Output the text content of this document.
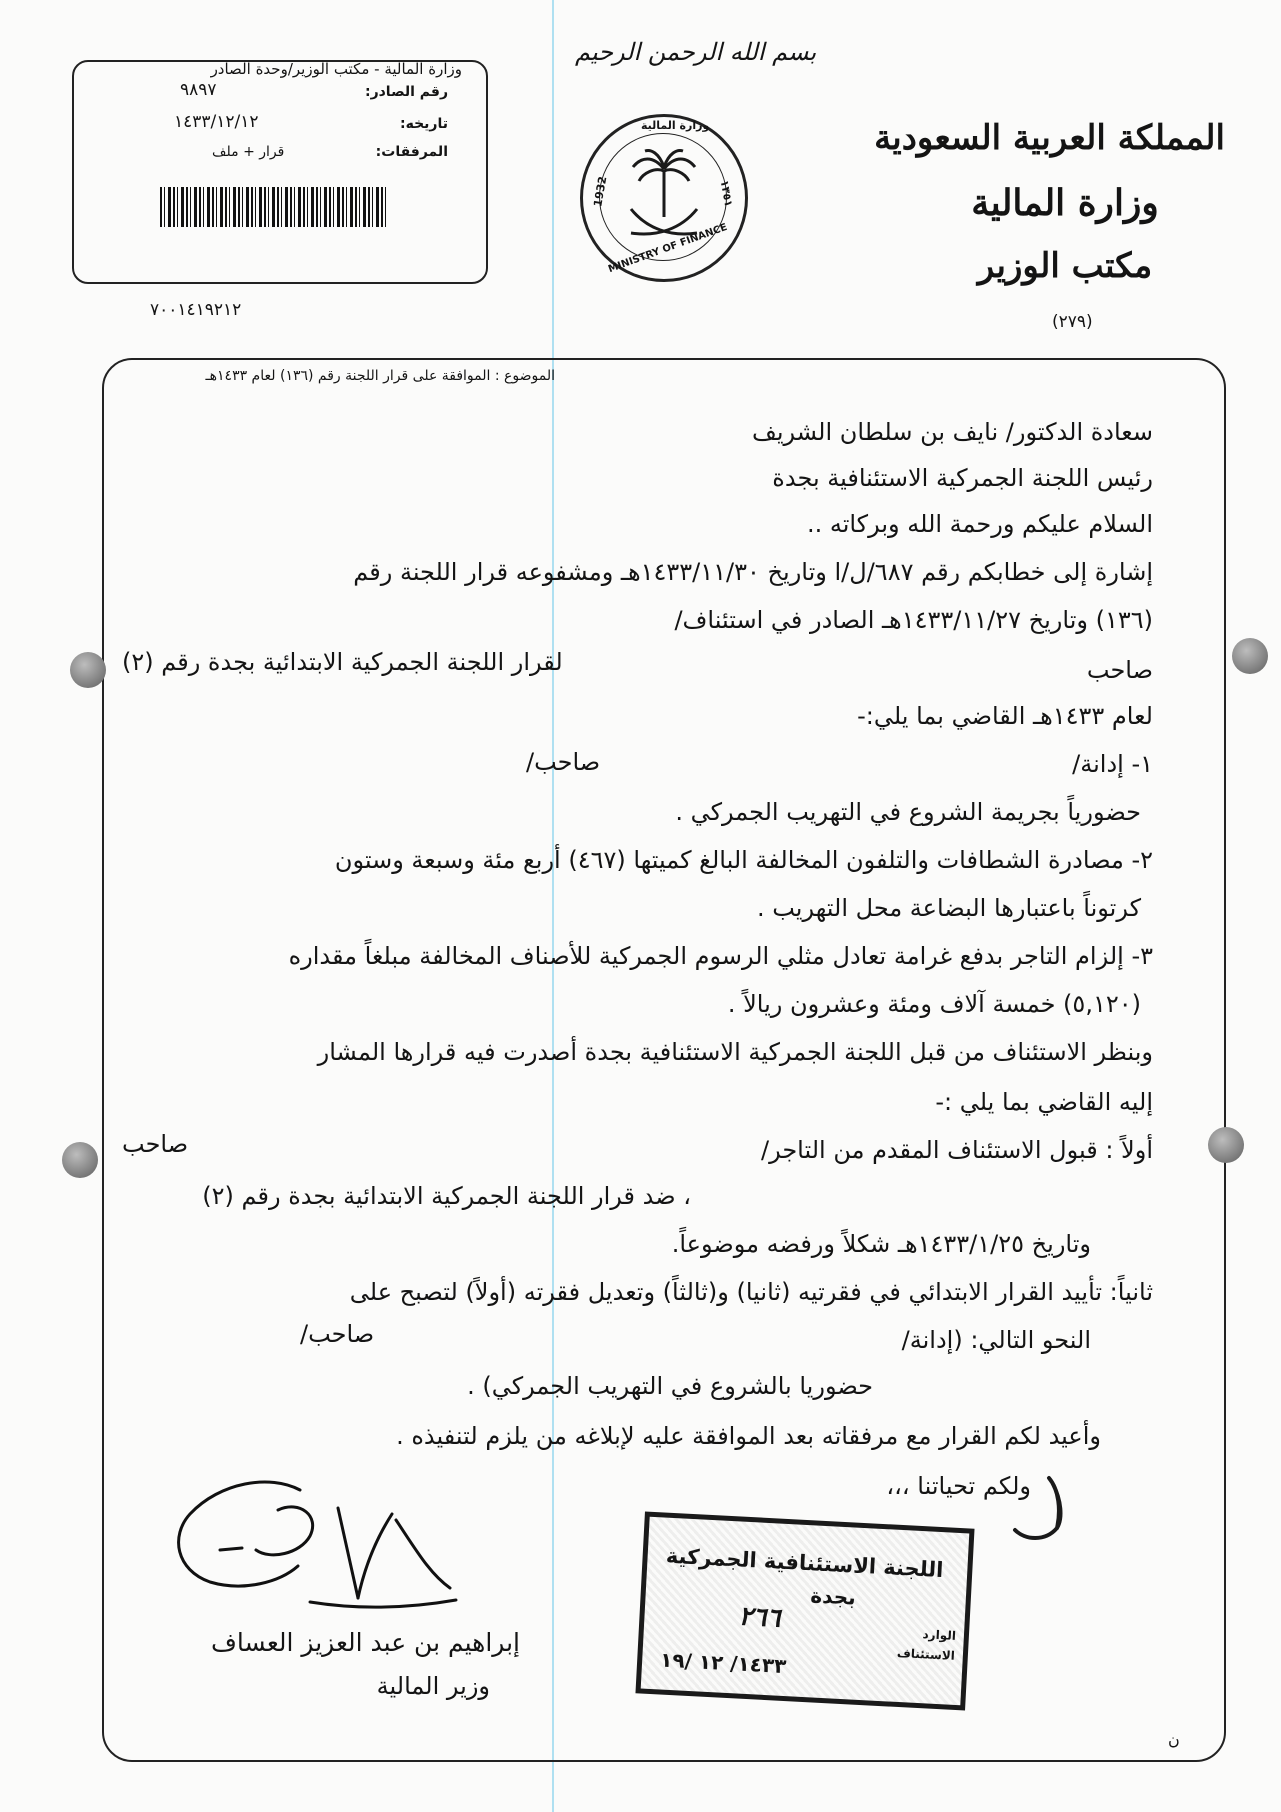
وزارة المالية - مكتب الوزير/وحدة الصادر
رقم الصادر:
٩٨٩٧
تاريخه:
١٤٣٣/١٢/١٢
المرفقات:
قرار + ملف
٧٠٠١٤١٩٢١٢
بسم الله الرحمن الرحيم
وزارة المالية
MINISTRY OF FINANCE
1932	١٣٥١
المملكة العربية السعودية
وزارة المالية
مكتب الوزير
(٢٧٩)
الموضوع : الموافقة على قرار اللجنة رقم (١٣٦) لعام ١٤٣٣هـ
سعادة الدكتور/ نايف بن سلطان الشريف
رئيس اللجنة الجمركية الاستئنافية بجدة
السلام عليكم ورحمة الله وبركاته ..
إشارة إلى خطابكم رقم ٦٨٧/ل/ا وتاريخ ١٤٣٣/١١/٣٠هـ ومشفوعه قرار اللجنة رقم
(١٣٦) وتاريخ ١٤٣٣/١١/٢٧هـ الصادر في استئناف/
صاحب
لقرار اللجنة الجمركية الابتدائية بجدة رقم (٢)
لعام ١٤٣٣هـ القاضي بما يلي:-
١- إدانة/
صاحب/
حضورياً بجريمة الشروع في التهريب الجمركي .
٢- مصادرة الشطافات والتلفون المخالفة البالغ كميتها (٤٦٧) أربع مئة وسبعة وستون
كرتوناً باعتبارها البضاعة محل التهريب .
٣- إلزام التاجر بدفع غرامة تعادل مثلي الرسوم الجمركية للأصناف المخالفة مبلغاً مقداره
(٥,١٢٠) خمسة آلاف ومئة وعشرون ريالاً .
وبنظر الاستئناف من قبل اللجنة الجمركية الاستئنافية بجدة أصدرت فيه قرارها المشار
إليه القاضي بما يلي :-
أولاً : قبول الاستئناف المقدم من التاجر/
صاحب
، ضد قرار اللجنة الجمركية الابتدائية بجدة رقم (٢)
وتاريخ ١٤٣٣/١/٢٥هـ شكلاً ورفضه موضوعاً.
ثانياً: تأييد القرار الابتدائي في فقرتيه (ثانيا) و(ثالثاً) وتعديل فقرته (أولاً) لتصبح على
النحو التالي: (إدانة/
صاحب/
حضوريا بالشروع في التهريب الجمركي) .
وأعيد لكم القرار مع مرفقاته بعد الموافقة عليه لإبلاغه من يلزم لتنفيذه .
ولكم تحياتنا ،،،
إبراهيم بن عبد العزيز العساف
وزير المالية
اللجنة الاستئنافية الجمركية
بجدة
٢٦٦
الوارد
الاستئناف
١٤٣٣/ ١٢ /١٩
ن
